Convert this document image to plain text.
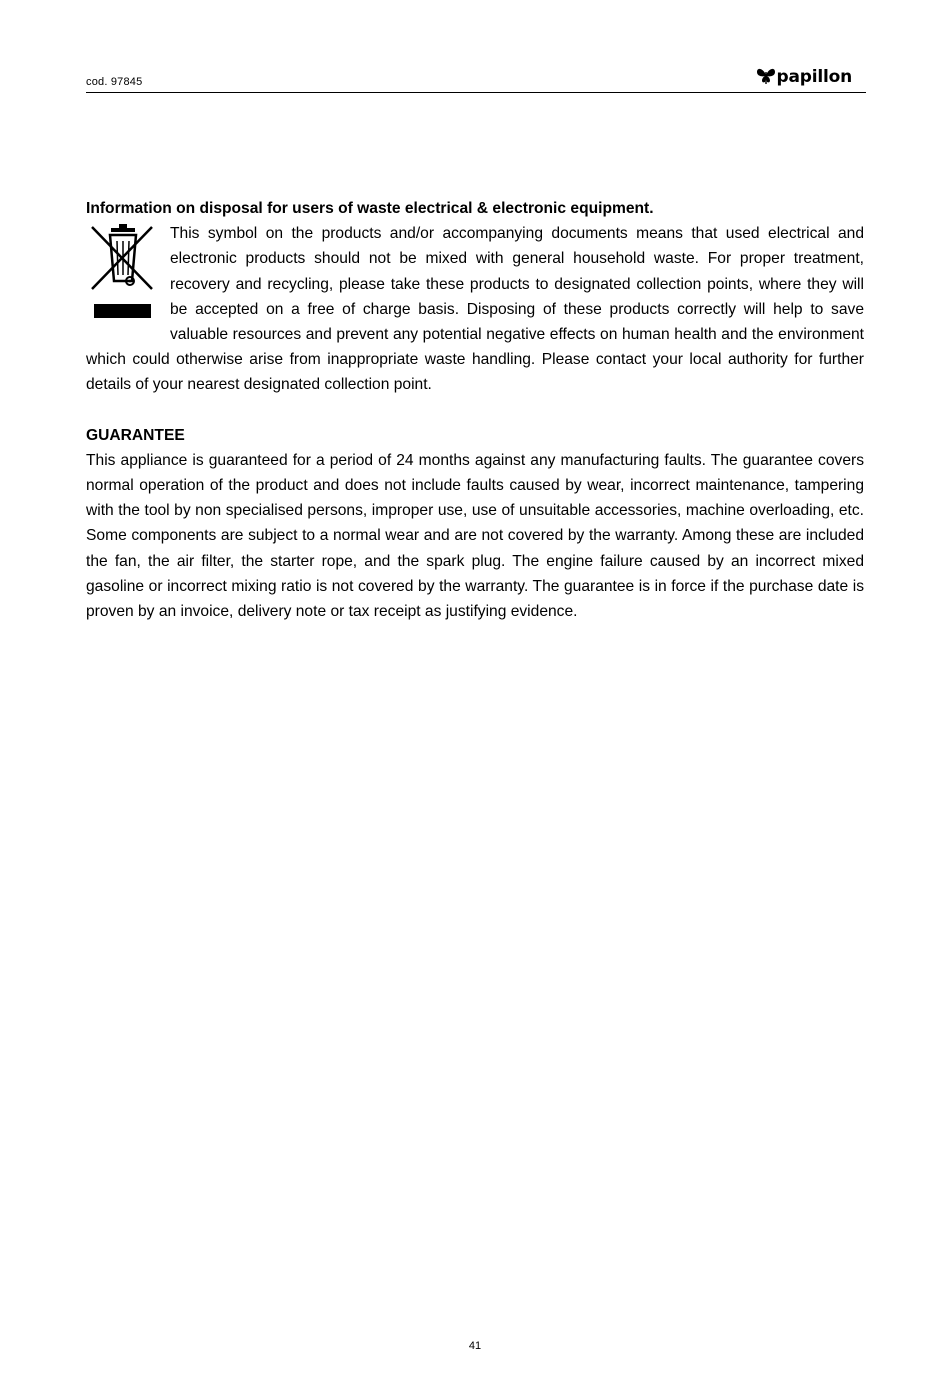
cod. 97845	papillon

Information on disposal for users of waste electrical & electronic equipment.

This symbol on the products and/or accompanying documents means that used electrical and electronic products should not be mixed with general household waste. For proper treatment, recovery and recycling, please take these products to designated collection points, where they will be accepted on a free of charge basis. Disposing of these products correctly will help to save valuable resources and prevent any potential negative effects on human health and the environment which could otherwise arise from inappropriate waste handling. Please contact your local authority for further details of your nearest designated collection point.

GUARANTEE

This appliance is guaranteed for a period of 24 months against any manufacturing faults. The guarantee covers normal operation of the product and does not include faults caused by wear, incorrect maintenance, tampering with the tool by non specialised persons, improper use, use of unsuitable accessories, machine overloading, etc. Some components are subject to a normal wear and are not covered by the warranty. Among these are included the fan, the air filter, the starter rope, and the spark plug. The engine failure caused by an incorrect mixed gasoline or incorrect mixing ratio is not covered by the warranty. The guarantee is in force if the purchase date is proven by an invoice, delivery note or tax receipt as justifying evidence.

41
